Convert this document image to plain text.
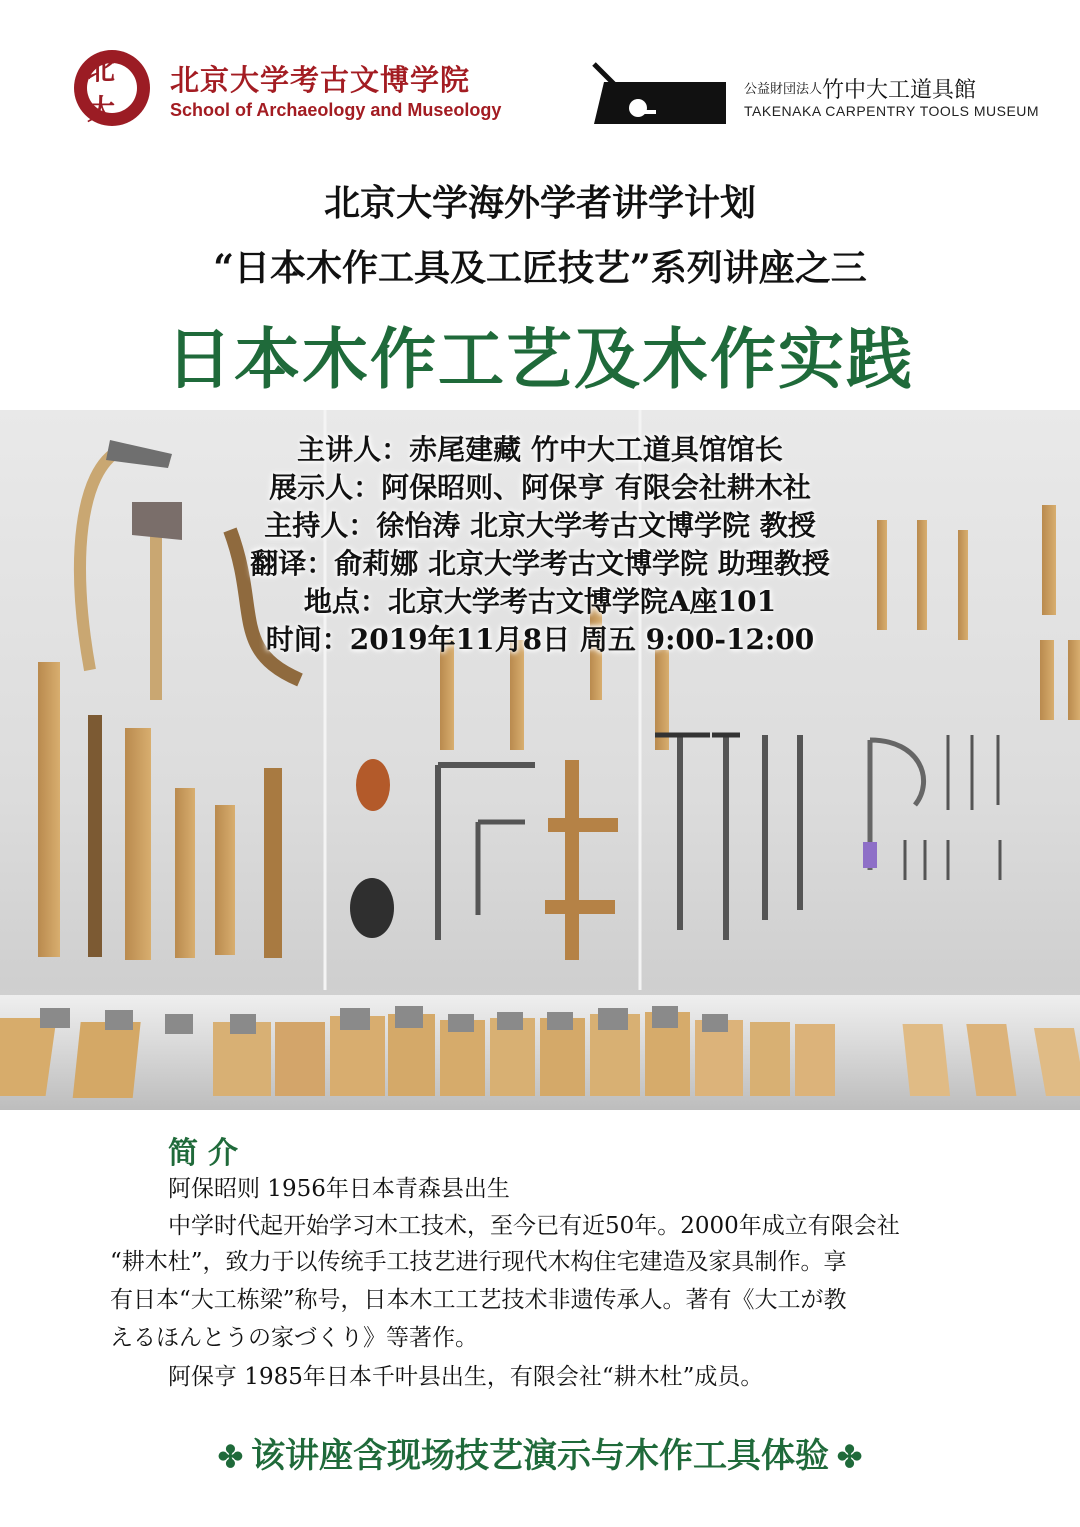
北大
北京大学考古文博学院
School of Archaeology and Museology
公益財団法人竹中大工道具館
TAKENAKA CARPENTRY TOOLS MUSEUM
北京大学海外学者讲学计划
“日本木作工具及工匠技艺”系列讲座之三
日本木作工艺及木作实践
主讲人：赤尾建藏 竹中大工道具馆馆长
展示人：阿保昭则、阿保亨 有限会社耕木社
主持人：徐怡涛 北京大学考古文博学院 教授
翻译：俞莉娜 北京大学考古文博学院 助理教授
地点：北京大学考古文博学院A座101
时间：2019年11月8日 周五 9:00-12:00
简介
阿保昭则 1956年日本青森县出生
中学时代起开始学习木工技术，至今已有近50年。2000年成立有限会社
“耕木杜”，致力于以传统手工技艺进行现代木构住宅建造及家具制作。享
有日本“大工栋梁”称号，日本木工工艺技术非遗传承人。著有《大工が教
えるほんとうの家づくり》等著作。
阿保亨 1985年日本千叶县出生，有限会社“耕木杜”成员。
✤ 该讲座含现场技艺演示与木作工具体验 ✤
